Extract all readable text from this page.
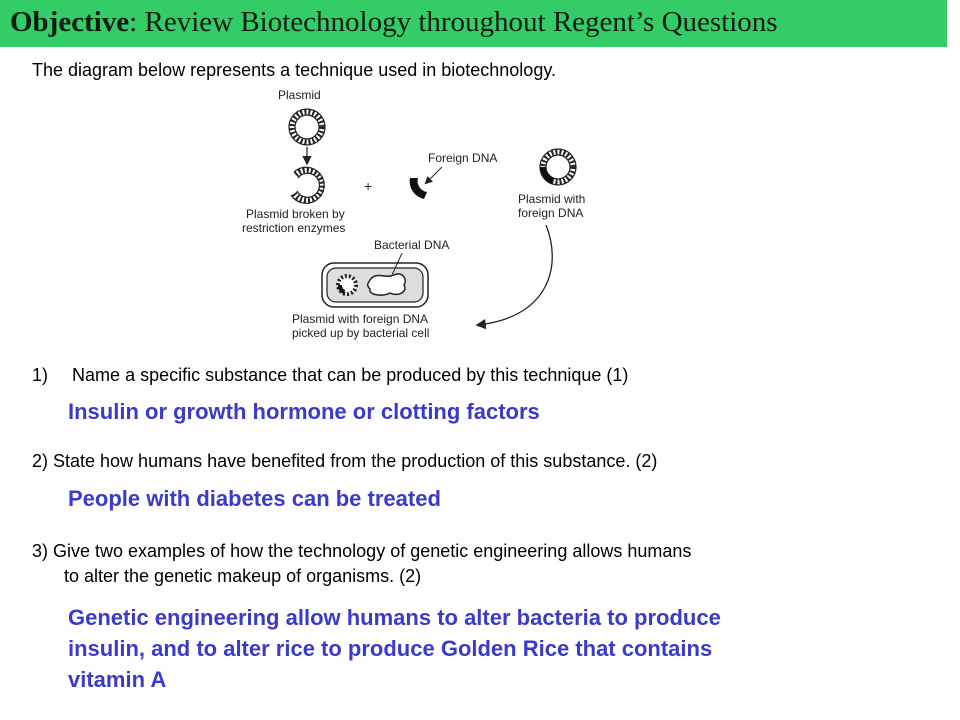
Objective: Review Biotechnology throughout Regent’s Questions
The diagram below represents a technique used in biotechnology.
Plasmid
Plasmid broken by
restriction enzymes
+
Foreign DNA
Plasmid with
foreign DNA
Bacterial DNA
Plasmid with foreign DNA
picked up by bacterial cell
1) Name a specific substance that can be produced by this technique (1)
Insulin or growth hormone or clotting factors
2) State how humans have benefited from the production of this substance. (2)
People with diabetes can be treated
3) Give two examples of how the technology of genetic engineering allows humans
to alter the genetic makeup of organisms. (2)
Genetic engineering allow humans to alter bacteria to produce
insulin, and to alter rice to produce Golden Rice that contains
vitamin A
